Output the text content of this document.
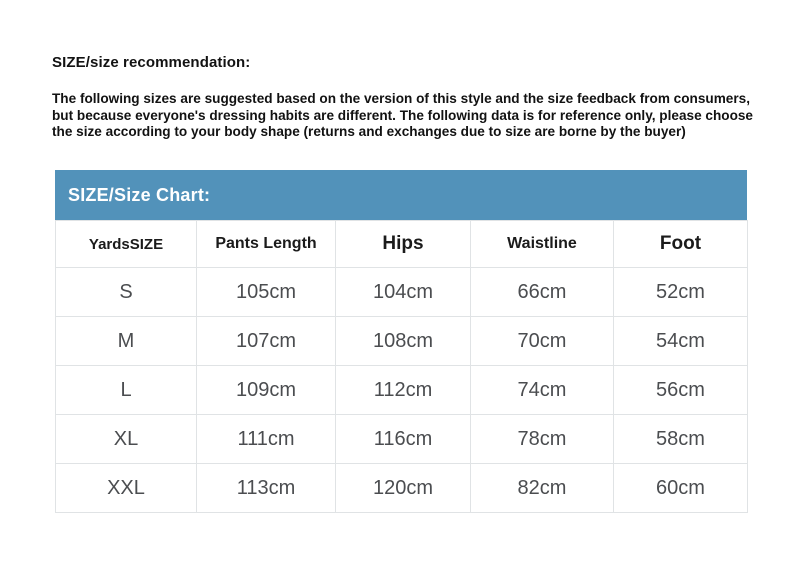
SIZE/size recommendation:
The following sizes are suggested based on the version of this style and the size feedback from consumers, but because everyone's dressing habits are different. The following data is for reference only, please choose the size according to your body shape (returns and exchanges due to size are borne by the buyer)
SIZE/Size Chart:
YardsSIZE	Pants Length	Hips	Waistline	Foot
S	105cm	104cm	66cm	52cm
M	107cm	108cm	70cm	54cm
L	109cm	112cm	74cm	56cm
XL	111cm	116cm	78cm	58cm
XXL	113cm	120cm	82cm	60cm
